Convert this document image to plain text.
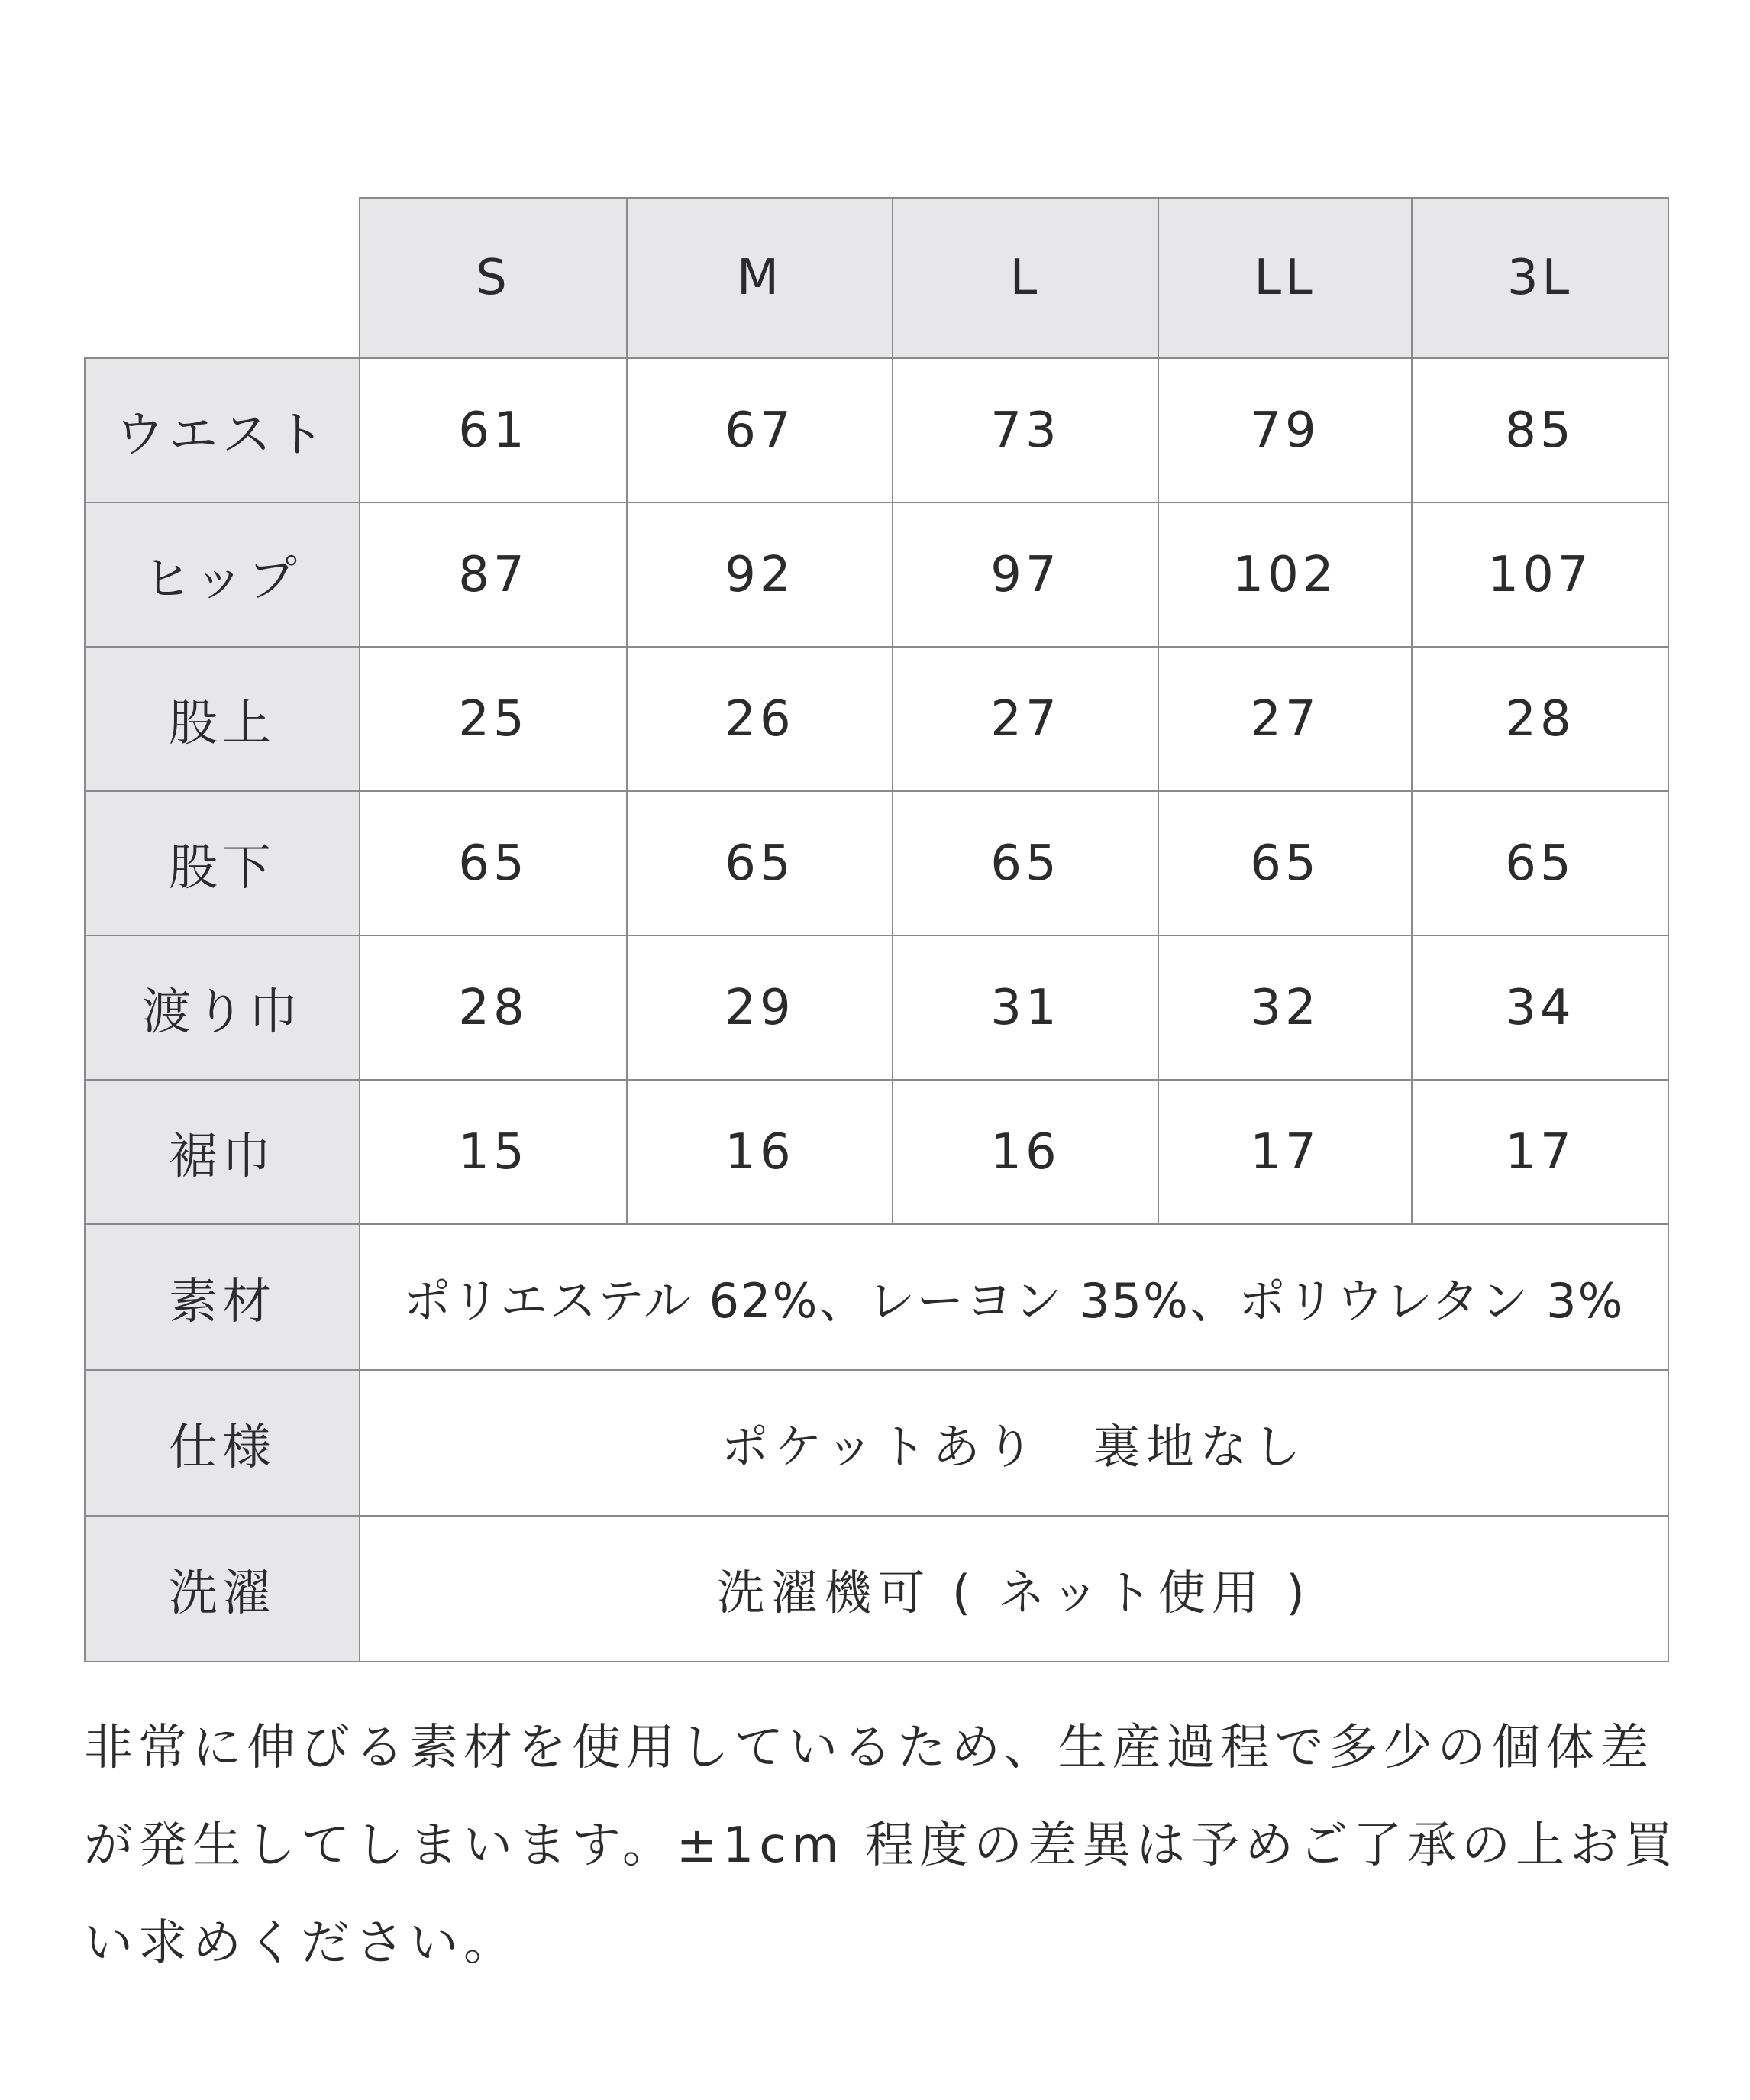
	S	M	L	LL	3L
ウエスト	61	67	73	79	85
ヒップ	87	92	97	102	107
股上	25	26	27	27	28
股下	65	65	65	65	65
渡り巾	28	29	31	32	34
裾巾	15	16	16	17	17
素材	ポリエステル 62%、レーヨン 35%、ポリウレタン 3%				
仕様	ポケットあり　裏地なし				
洗濯	洗濯機可 ( ネット使用 )				

非常に伸びる素材を使用しているため、生産過程で多少の個体差が発生してしまいます。±1cm 程度の差異は予めご了承の上お買い求めください。
